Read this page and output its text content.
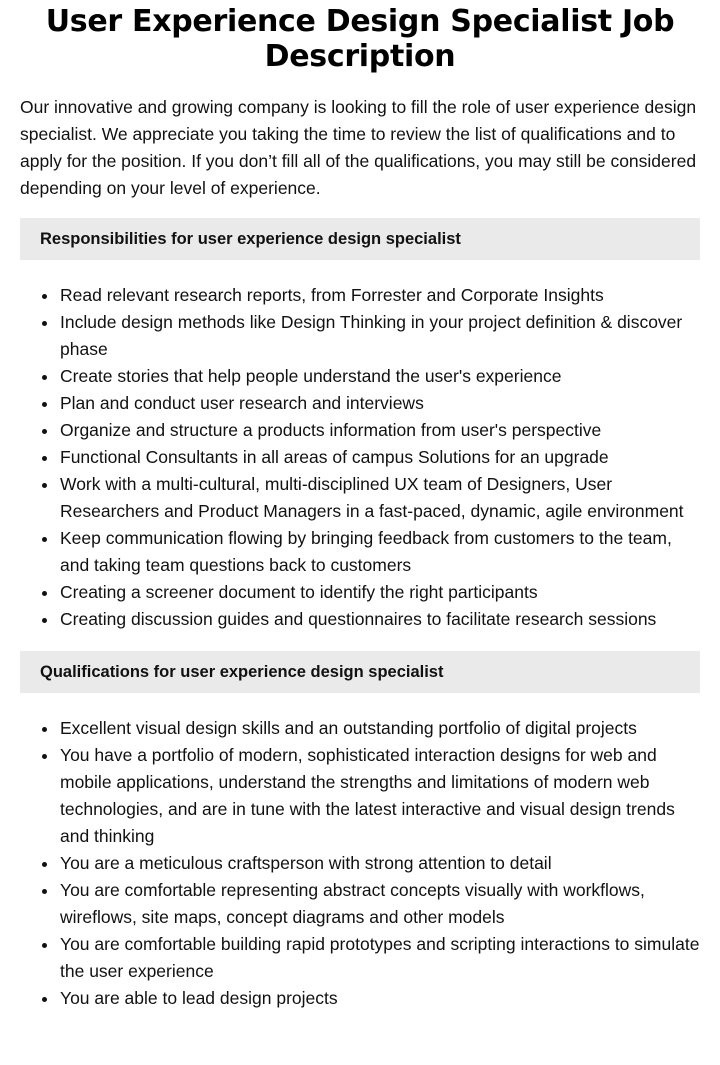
User Experience Design Specialist Job Description

Our innovative and growing company is looking to fill the role of user experience design specialist. We appreciate you taking the time to review the list of qualifications and to apply for the position. If you don’t fill all of the qualifications, you may still be considered depending on your level of experience.

Responsibilities for user experience design specialist
Read relevant research reports, from Forrester and Corporate Insights
Include design methods like Design Thinking in your project definition & discover phase
Create stories that help people understand the user's experience
Plan and conduct user research and interviews
Organize and structure a products information from user's perspective
Functional Consultants in all areas of campus Solutions for an upgrade
Work with a multi-cultural, multi-disciplined UX team of Designers, User Researchers and Product Managers in a fast-paced, dynamic, agile environment
Keep communication flowing by bringing feedback from customers to the team, and taking team questions back to customers
Creating a screener document to identify the right participants
Creating discussion guides and questionnaires to facilitate research sessions
Qualifications for user experience design specialist
Excellent visual design skills and an outstanding portfolio of digital projects
You have a portfolio of modern, sophisticated interaction designs for web and mobile applications, understand the strengths and limitations of modern web technologies, and are in tune with the latest interactive and visual design trends and thinking
You are a meticulous craftsperson with strong attention to detail
You are comfortable representing abstract concepts visually with workflows, wireflows, site maps, concept diagrams and other models
You are comfortable building rapid prototypes and scripting interactions to simulate the user experience
You are able to lead design projects
